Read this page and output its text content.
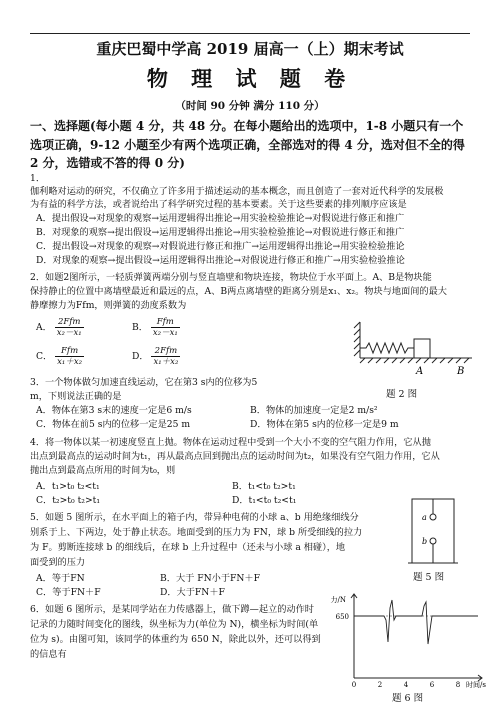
重庆巴蜀中学高 2019 届高一（上）期末考试
物 理 试 题 卷
（时间 90 分钟 满分 110 分）
一、选择题(每小题 4 分，共 48 分。在每小题给出的选项中，1-8 小题只有一个选项正确，9-12 小题至少有两个选项正确，全部选对的得 4 分，选对但不全的得 2 分，选错或不答的得 0 分)
1．
伽利略对运动的研究，不仅确立了许多用于描述运动的基本概念，而且创造了一套对近代科学的发展极
为有益的科学方法，或者说给出了科学研究过程的基本要素。关于这些要素的排列顺序应该是
A．提出假设→对现象的观察→运用逻辑得出推论→用实验检验推论→对假说进行修正和推广
B．对现象的观察→提出假设→运用逻辑得出推论→用实验检验推论→对假说进行修正和推广
C．提出假设→对现象的观察→对假说进行修正和推广→运用逻辑得出推论→用实验检验推论
D．对现象的观察→提出假设→运用逻辑得出推论→对假说进行修正和推广→用实验检验推论
2．如题2图所示，一轻质弹簧两端分别与竖直墙壁和物块连接，物块位于水平面上。A、B是物块能
保持静止的位置中离墙壁最近和最远的点，A、B两点离墙壁的距离分别是x₁、x₂。物块与地面间的最大
静摩擦力为Ffm，则弹簧的劲度系数为
A． $\frac{\text{2Ffm}}{\text{x₂－x₁}}$	B． $\frac{\text{Ffm}}{\text{x₂－x₁}}$
C． $\frac{\text{Ffm}}{\text{x₁＋x₂}}$	D． $\frac{\text{2Ffm}}{\text{x₁＋x₂}}$
A	B
题 2 图
3．一个物体做匀加速直线运动，它在第3 s内的位移为5
m，下则说法正确的是
A．物体在第3 s末的速度一定是6 m/s	B．物体的加速度一定是2 m/s²
C．物体在前5 s内的位移一定是25 m	D．物体在第5 s内的位移一定是9 m
4．将一物体以某一初速度竖直上抛。物体在运动过程中受到一个大小不变的空气阻力作用，它从抛
出点到最高点的运动时间为t₁，再从最高点回到抛出点的运动时间为t₂，如果没有空气阻力作用，它从
抛出点到最高点所用的时间为t₀，则
A．t₁>t₀ t₂<t₁	B．t₁<t₀ t₂>t₁
C．t₂>t₀ t₂>t₁	D．t₁<t₀ t₂<t₁
5．如题 5 图所示，在水平面上的箱子内，带异种电荷的小球 a、b 用绝缘细线分
别系于上、下两边，处于静止状态。地面受到的压力为 FN，球 b 所受细线的拉力
为 F。剪断连接球 b 的细线后，在球 b 上升过程中（还未与小球 a 相碰），地
面受到的压力
A．等于FN	B．大于 FN小于FN＋F
C．等于FN＋F	D．大于FN＋F
a
b
题 5 图
6．如题 6 图所示，是某同学站在力传感器上，做下蹲—起立的动作时
记录的力随时间变化的图线，纵坐标为力(单位为 N)，横坐标为时间(单
位为 s)。由图可知，该同学的体重约为 650 N，除此以外，还可以得到
的信息有
力/N
650
0	2	4	6	8 时间/s
题 6 图
